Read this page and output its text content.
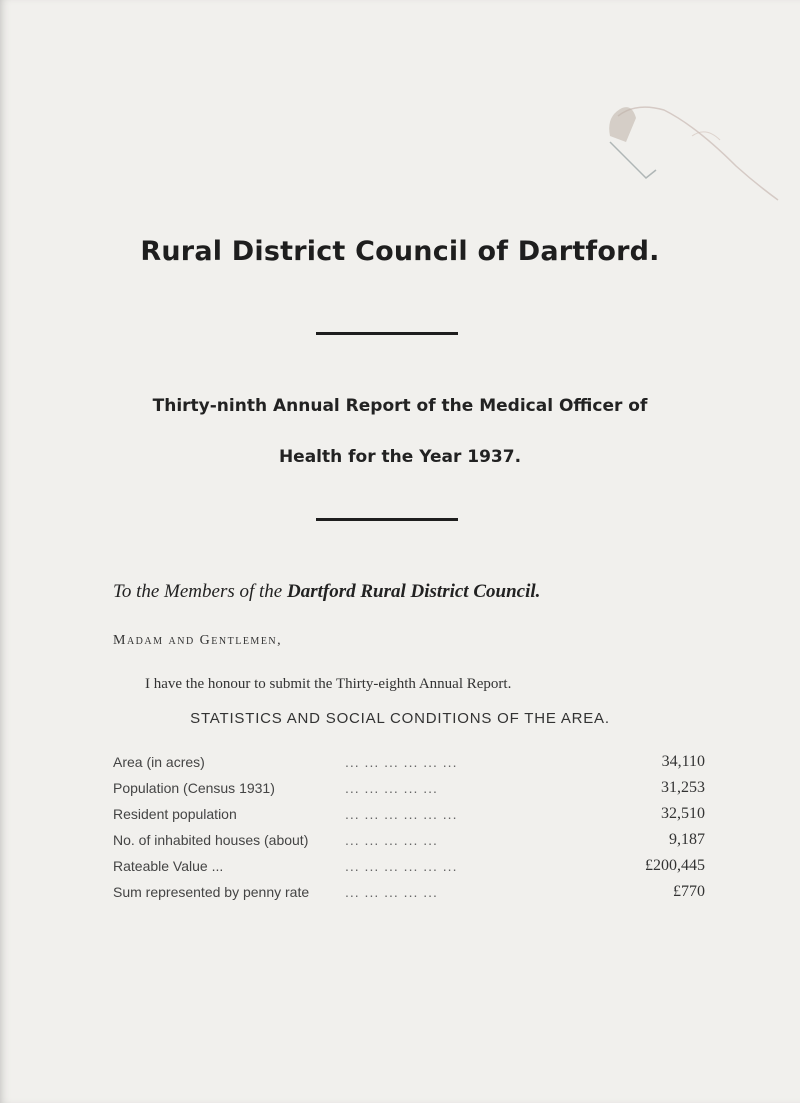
Rural District Council of Dartford.
Thirty-ninth Annual Report of the Medical Officer of
Health for the Year 1937.
To the Members of the Dartford Rural District Council.
Madam and Gentlemen,
I have the honour to submit the Thirty-eighth Annual Report.
STATISTICS AND SOCIAL CONDITIONS OF THE AREA.
Area (in acres)	... ... ... ... ... ...	34,110
Population (Census 1931)	... ... ... ... ...	31,253
Resident population	... ... ... ... ... ...	32,510
No. of inhabited houses (about)	... ... ... ... ...	9,187
Rateable Value ...	... ... ... ... ... ...	£200,445
Sum represented by penny rate	... ... ... ... ...	£770
